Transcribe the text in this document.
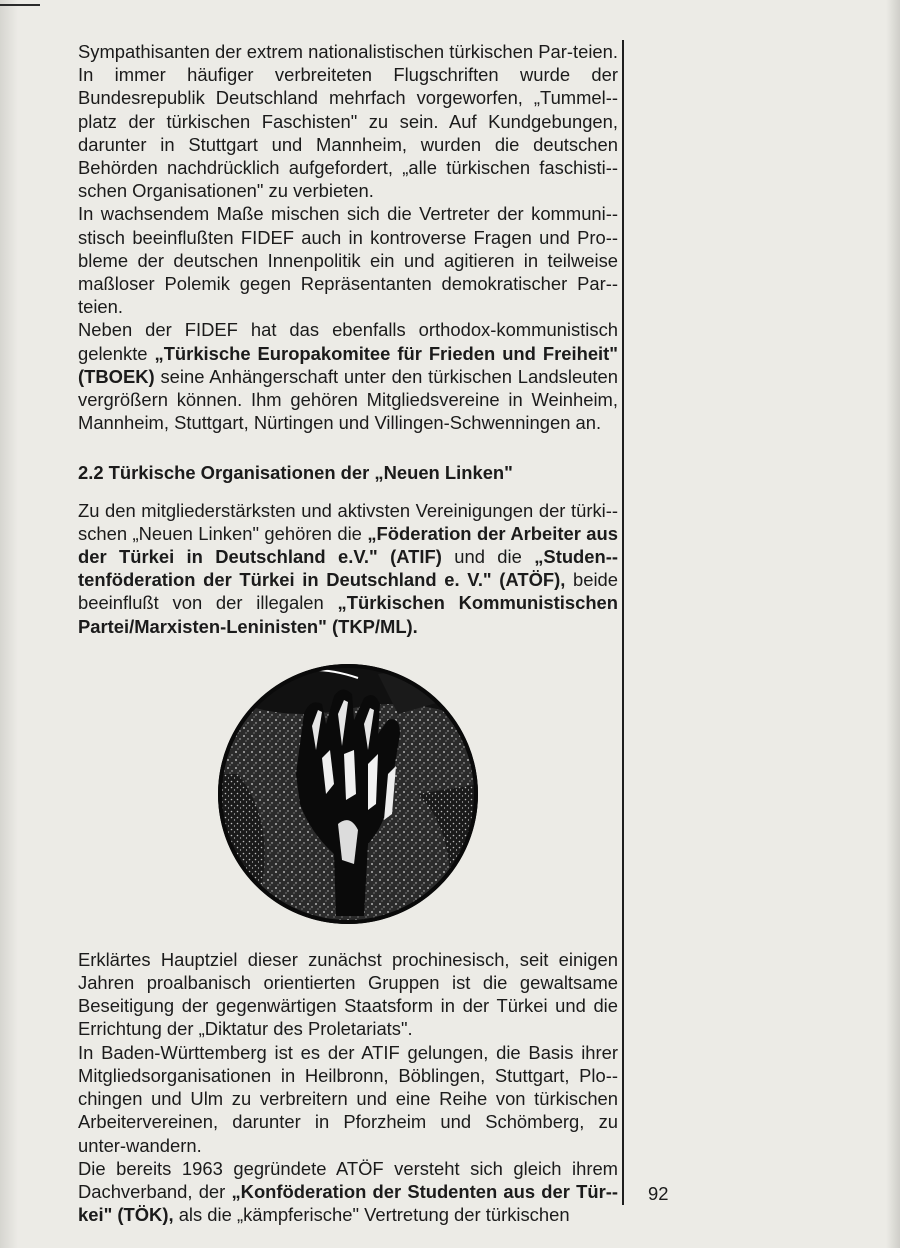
Sympathisanten der extrem nationalistischen türkischen Par-teien. In immer häufiger verbreiteten Flugschriften wurde der Bundesrepublik Deutschland mehrfach vorgeworfen, „Tummel-platz der türkischen Faschisten" zu sein. Auf Kundgebungen, darunter in Stuttgart und Mannheim, wurden die deutschen Behörden nachdrücklich aufgefordert, „alle türkischen faschisti-schen Organisationen" zu verbieten.

In wachsendem Maße mischen sich die Vertreter der kommuni-stisch beeinflußten FIDEF auch in kontroverse Fragen und Pro-bleme der deutschen Innenpolitik ein und agitieren in teilweise maßloser Polemik gegen Repräsentanten demokratischer Par-teien.

Neben der FIDEF hat das ebenfalls orthodox-kommunistisch gelenkte „Türkische Europakomitee für Frieden und Freiheit" (TBOEK) seine Anhängerschaft unter den türkischen Landsleuten vergrößern können. Ihm gehören Mitgliedsvereine in Weinheim, Mannheim, Stuttgart, Nürtingen und Villingen-Schwenningen an.

2.2 Türkische Organisationen der „Neuen Linken"

Zu den mitgliederstärksten und aktivsten Vereinigungen der türki-schen „Neuen Linken" gehören die „Föderation der Arbeiter aus der Türkei in Deutschland e.V." (ATIF) und die „Studen-tenföderation der Türkei in Deutschland e. V." (ATÖF), beide beeinflußt von der illegalen „Türkischen Kommunistischen Partei/Marxisten-Leninisten" (TKP/ML).

Erklärtes Hauptziel dieser zunächst prochinesisch, seit einigen Jahren proalbanisch orientierten Gruppen ist die gewaltsame Beseitigung der gegenwärtigen Staatsform in der Türkei und die Errichtung der „Diktatur des Proletariats".

In Baden-Württemberg ist es der ATIF gelungen, die Basis ihrer Mitgliedsorganisationen in Heilbronn, Böblingen, Stuttgart, Plo-chingen und Ulm zu verbreitern und eine Reihe von türkischen Arbeitervereinen, darunter in Pforzheim und Schömberg, zu unter-wandern.

Die bereits 1963 gegründete ATÖF versteht sich gleich ihrem Dachverband, der „Konföderation der Studenten aus der Tür-kei" (TÖK), als die „kämpferische" Vertretung der türkischen

92
